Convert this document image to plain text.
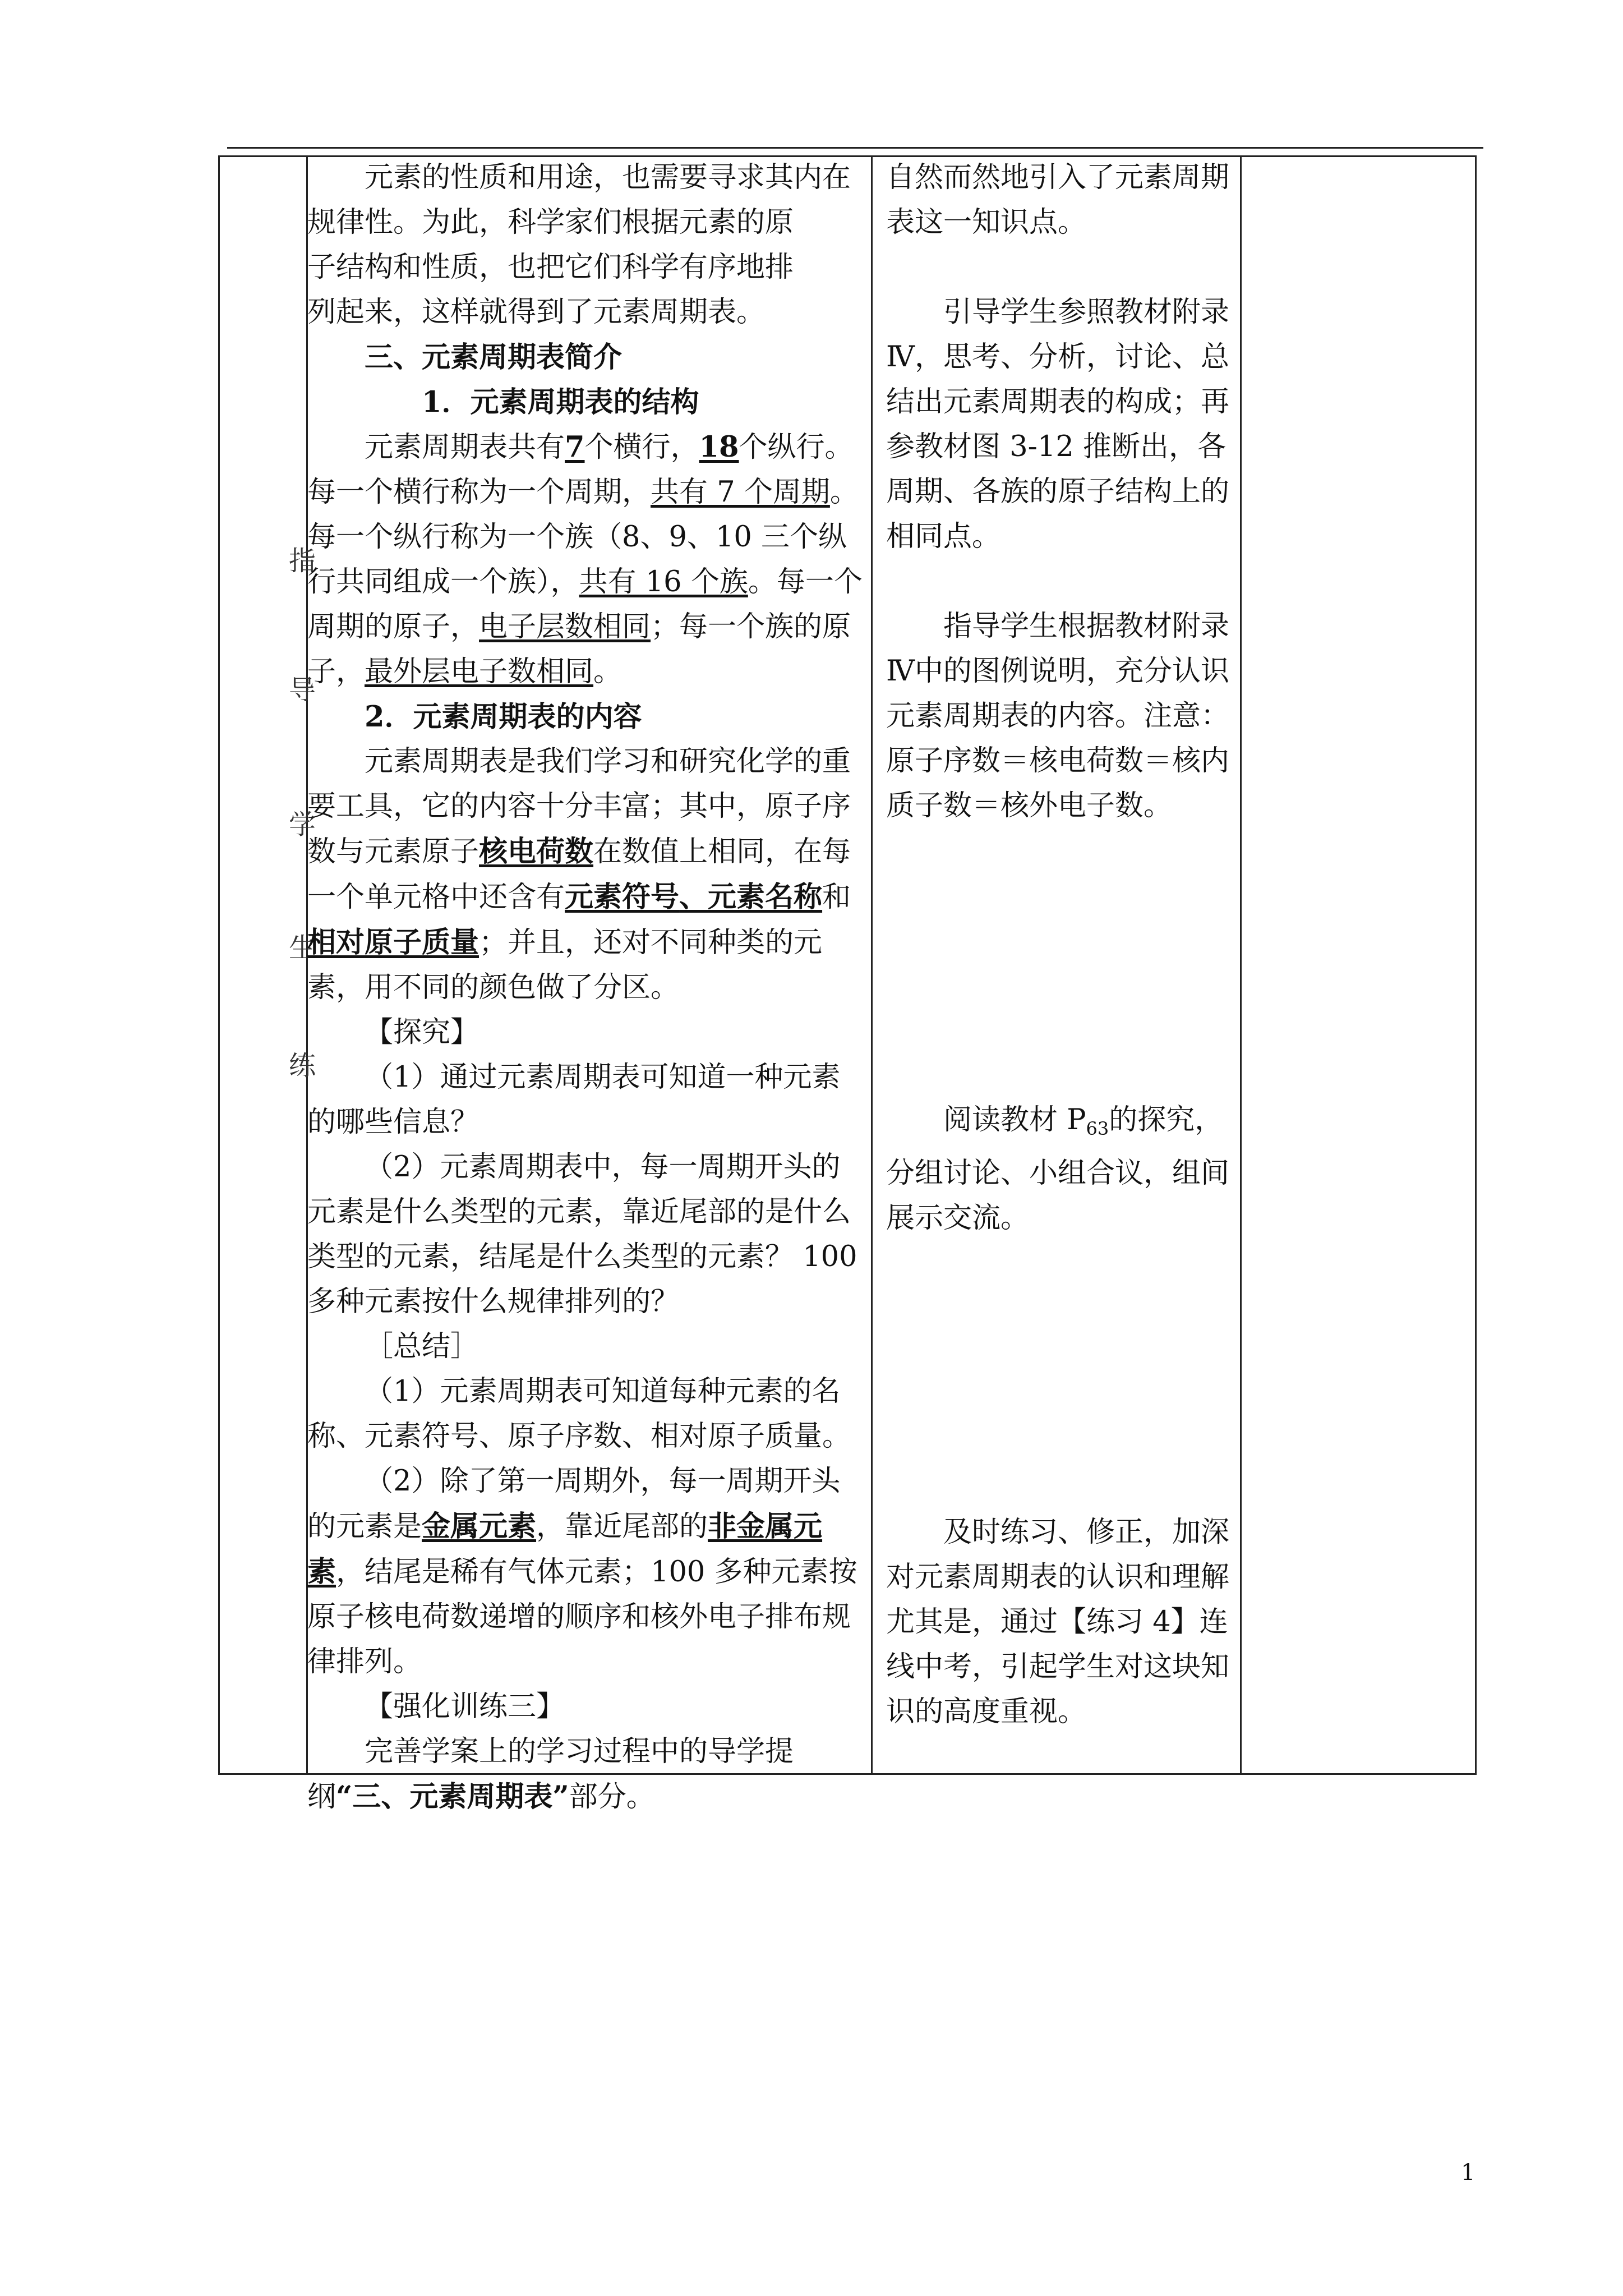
指
导
学
生
练
元素的性质和用途，也需要寻求其内在
规律性。为此，科学家们根据元素的原
子结构和性质，也把它们科学有序地排
列起来，这样就得到了元素周期表。
三、元素周期表简介
1．元素周期表的结构
元素周期表共有7个横行，18个纵行。每一个横行称为一个周期，共有 7 个周期。每一个纵行称为一个族（8、9、10 三个纵行共同组成一个族），共有 16 个族。每一个周期的原子，电子层数相同；每一个族的原子，最外层电子数相同。
2．元素周期表的内容
元素周期表是我们学习和研究化学的重要工具，它的内容十分丰富；其中，原子序数与元素原子核电荷数在数值上相同，在每一个单元格中还含有元素符号、元素名称和相对原子质量；并且，还对不同种类的元素，用不同的颜色做了分区。
【探究】
（1）通过元素周期表可知道一种元素的哪些信息？
（2）元素周期表中，每一周期开头的元素是什么类型的元素，靠近尾部的是什么类型的元素，结尾是什么类型的元素？ 100 多种元素按什么规律排列的？
［总结］
（1）元素周期表可知道每种元素的名称、元素符号、原子序数、相对原子质量。
（2）除了第一周期外，每一周期开头的元素是金属元素，靠近尾部的非金属元素，结尾是稀有气体元素；100 多种元素按原子核电荷数递增的顺序和核外电子排布规律排列。
【强化训练三】
完善学案上的学习过程中的导学提纲“三、元素周期表”部分。
自然而然地引入了元素周期表这一知识点。
引导学生参照教材附录Ⅳ，思考、分析，讨论、总结出元素周期表的构成；再参教材图 3-12 推断出，各周期、各族的原子结构上的相同点。
指导学生根据教材附录Ⅳ中的图例说明，充分认识元素周期表的内容。注意：原子序数＝核电荷数＝核内质子数＝核外电子数。
阅读教材 $P_{63}$的探究，分组讨论、小组合议，组间展示交流。
及时练习、修正，加深对元素周期表的认识和理解尤其是，通过【练习 4】连线中考，引起学生对这块知识的高度重视。
1
